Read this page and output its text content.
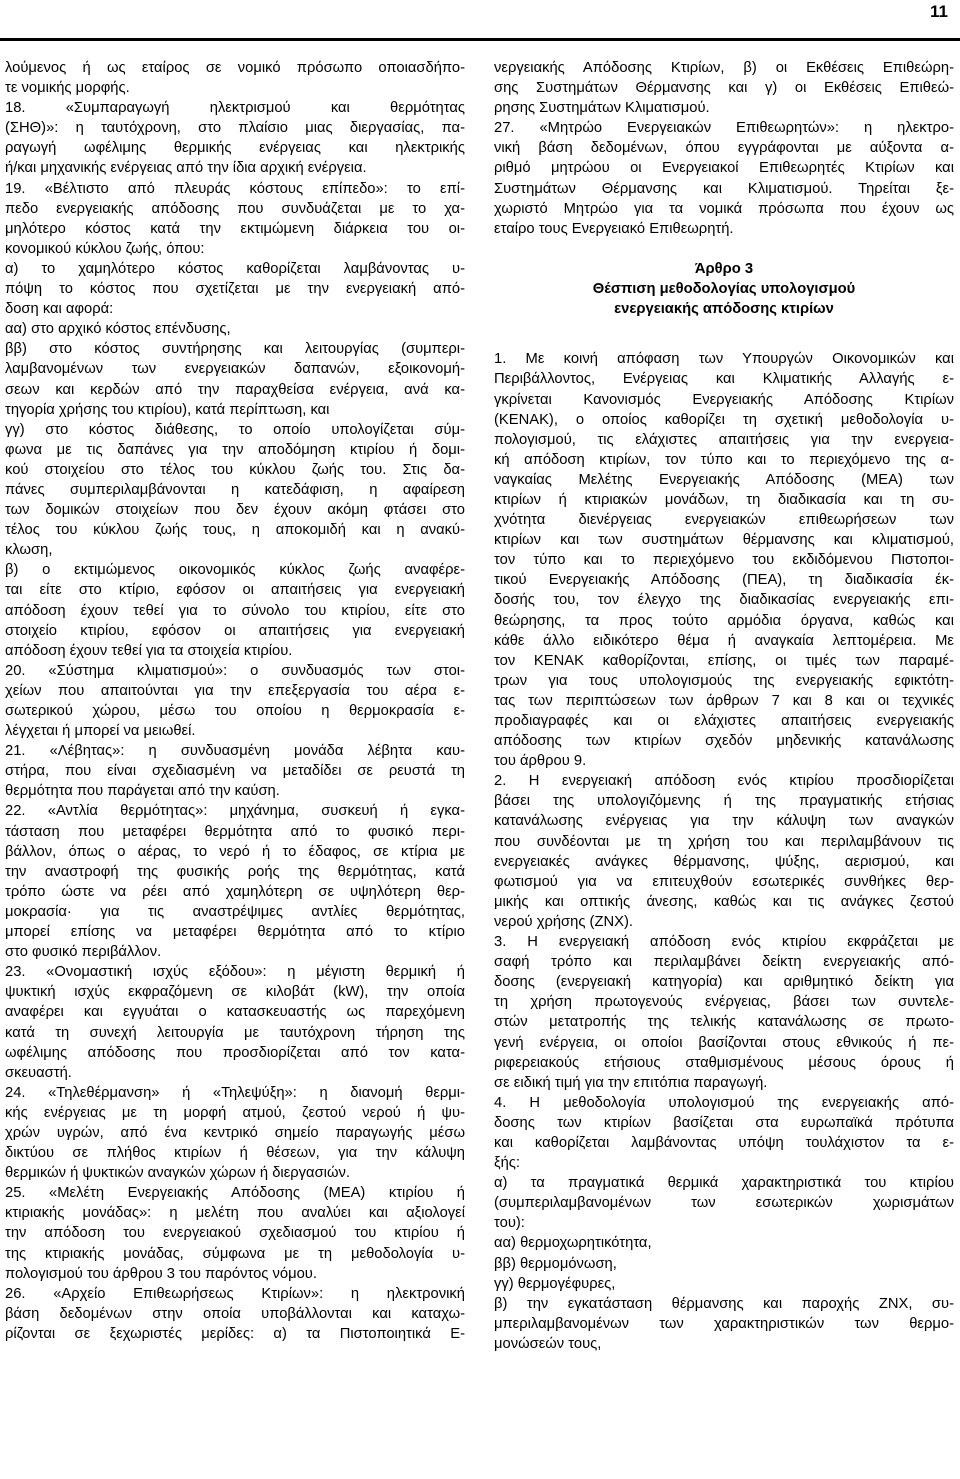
11
λούμενος ή ως εταίρος σε νομικό πρόσωπο οποιασδήπο-
τε νομικής μορφής.
18. «Συμπαραγωγή ηλεκτρισμού και θερμότητας
(ΣΗΘ)»: η ταυτόχρονη, στο πλαίσιο μιας διεργασίας, πα-
ραγωγή ωφέλιμης θερμικής ενέργειας και ηλεκτρικής
ή/και μηχανικής ενέργειας από την ίδια αρχική ενέργεια.
19. «Βέλτιστο από πλευράς κόστους επίπεδο»: το επί-
πεδο ενεργειακής απόδοσης που συνδυάζεται με το χα-
μηλότερο κόστος κατά την εκτιμώμενη διάρκεια του οι-
κονομικού κύκλου ζωής, όπου:
α) το χαμηλότερο κόστος καθορίζεται λαμβάνοντας υ-
πόψη το κόστος που σχετίζεται με την ενεργειακή από-
δοση και αφορά:
αα) στο αρχικό κόστος επένδυσης,
ββ) στο κόστος συντήρησης και λειτουργίας (συμπερι-
λαμβανομένων των ενεργειακών δαπανών, εξοικονομή-
σεων και κερδών από την παραχθείσα ενέργεια, ανά κα-
τηγορία χρήσης του κτιρίου), κατά περίπτωση, και
γγ) στο κόστος διάθεσης, το οποίο υπολογίζεται σύμ-
φωνα με τις δαπάνες για την αποδόμηση κτιρίου ή δομι-
κού στοιχείου στο τέλος του κύκλου ζωής του. Στις δα-
πάνες συμπεριλαμβάνονται η κατεδάφιση, η αφαίρεση
των δομικών στοιχείων που δεν έχουν ακόμη φτάσει στο
τέλος του κύκλου ζωής τους, η αποκομιδή και η ανακύ-
κλωση,
β) ο εκτιμώμενος οικονομικός κύκλος ζωής αναφέρε-
ται είτε στο κτίριο, εφόσον οι απαιτήσεις για ενεργειακή
απόδοση έχουν τεθεί για το σύνολο του κτιρίου, είτε στο
στοιχείο κτιρίου, εφόσον οι απαιτήσεις για ενεργειακή
απόδοση έχουν τεθεί για τα στοιχεία κτιρίου.
20. «Σύστημα κλιματισμού»: ο συνδυασμός των στοι-
χείων που απαιτούνται για την επεξεργασία του αέρα ε-
σωτερικού χώρου, μέσω του οποίου η θερμοκρασία ε-
λέγχεται ή μπορεί να μειωθεί.
21. «Λέβητας»: η συνδυασμένη μονάδα λέβητα καυ-
στήρα, που είναι σχεδιασμένη να μεταδίδει σε ρευστά τη
θερμότητα που παράγεται από την καύση.
22. «Αντλία θερμότητας»: μηχάνημα, συσκευή ή εγκα-
τάσταση που μεταφέρει θερμότητα από το φυσικό περι-
βάλλον, όπως ο αέρας, το νερό ή το έδαφος, σε κτίρια με
την αναστροφή της φυσικής ροής της θερμότητας, κατά
τρόπο ώστε να ρέει από χαμηλότερη σε υψηλότερη θερ-
μοκρασία· για τις αναστρέψιμες αντλίες θερμότητας,
μπορεί επίσης να μεταφέρει θερμότητα από το κτίριο
στο φυσικό περιβάλλον.
23. «Ονομαστική ισχύς εξόδου»: η μέγιστη θερμική ή
ψυκτική ισχύς εκφραζόμενη σε κιλοβάτ (kW), την οποία
αναφέρει και εγγυάται ο κατασκευαστής ως παρεχόμενη
κατά τη συνεχή λειτουργία με ταυτόχρονη τήρηση της
ωφέλιμης απόδοσης που προσδιορίζεται από τον κατα-
σκευαστή.
24. «Τηλεθέρμανση» ή «Τηλεψύξη»: η διανομή θερμι-
κής ενέργειας με τη μορφή ατμού, ζεστού νερού ή ψυ-
χρών υγρών, από ένα κεντρικό σημείο παραγωγής μέσω
δικτύου σε πλήθος κτιρίων ή θέσεων, για την κάλυψη
θερμικών ή ψυκτικών αναγκών χώρων ή διεργασιών.
25. «Μελέτη Ενεργειακής Απόδοσης (ΜΕΑ) κτιρίου ή
κτιριακής μονάδας»: η μελέτη που αναλύει και αξιολογεί
την απόδοση του ενεργειακού σχεδιασμού του κτιρίου ή
της κτιριακής μονάδας, σύμφωνα με τη μεθοδολογία υ-
πολογισμού του άρθρου 3 του παρόντος νόμου.
26. «Αρχείο Επιθεωρήσεως Κτιρίων»: η ηλεκτρονική
βάση δεδομένων στην οποία υποβάλλονται και καταχω-
ρίζονται σε ξεχωριστές μερίδες: α) τα Πιστοποιητικά Ε-
νεργειακής Απόδοσης Κτιρίων, β) οι Εκθέσεις Επιθεώρη-
σης Συστημάτων Θέρμανσης και γ) οι Εκθέσεις Επιθεώ-
ρησης Συστημάτων Κλιματισμού.
27. «Μητρώο Ενεργειακών Επιθεωρητών»: η ηλεκτρο-
νική βάση δεδομένων, όπου εγγράφονται με αύξοντα α-
ριθμό μητρώου οι Ενεργειακοί Επιθεωρητές Κτιρίων και
Συστημάτων Θέρμανσης και Κλιματισμού. Τηρείται ξε-
χωριστό Μητρώο για τα νομικά πρόσωπα που έχουν ως
εταίρο τους Ενεργειακό Επιθεωρητή.
Άρθρο 3
Θέσπιση μεθοδολογίας υπολογισμού
ενεργειακής απόδοσης κτιρίων
1. Με κοινή απόφαση των Υπουργών Οικονομικών και
Περιβάλλοντος, Ενέργειας και Κλιματικής Αλλαγής ε-
γκρίνεται Κανονισμός Ενεργειακής Απόδοσης Κτιρίων
(ΚΕΝΑΚ), ο οποίος καθορίζει τη σχετική μεθοδολογία υ-
πολογισμού, τις ελάχιστες απαιτήσεις για την ενεργεια-
κή απόδοση κτιρίων, τον τύπο και το περιεχόμενο της α-
ναγκαίας Μελέτης Ενεργειακής Απόδοσης (ΜΕΑ) των
κτιρίων ή κτιριακών μονάδων, τη διαδικασία και τη συ-
χνότητα διενέργειας ενεργειακών επιθεωρήσεων των
κτιρίων και των συστημάτων θέρμανσης και κλιματισμού,
τον τύπο και το περιεχόμενο του εκδιδόμενου Πιστοποι-
τικού Ενεργειακής Απόδοσης (ΠΕΑ), τη διαδικασία έκ-
δοσής του, τον έλεγχο της διαδικασίας ενεργειακής επι-
θεώρησης, τα προς τούτο αρμόδια όργανα, καθώς και
κάθε άλλο ειδικότερο θέμα ή αναγκαία λεπτομέρεια. Με
τον ΚΕΝΑΚ καθορίζονται, επίσης, οι τιμές των παραμέ-
τρων για τους υπολογισμούς της ενεργειακής εφικτότη-
τας των περιπτώσεων των άρθρων 7 και 8 και οι τεχνικές
προδιαγραφές και οι ελάχιστες απαιτήσεις ενεργειακής
απόδοσης των κτιρίων σχεδόν μηδενικής κατανάλωσης
του άρθρου 9.
2. Η ενεργειακή απόδοση ενός κτιρίου προσδιορίζεται
βάσει της υπολογιζόμενης ή της πραγματικής ετήσιας
κατανάλωσης ενέργειας για την κάλυψη των αναγκών
που συνδέονται με τη χρήση του και περιλαμβάνουν τις
ενεργειακές ανάγκες θέρμανσης, ψύξης, αερισμού, και
φωτισμού για να επιτευχθούν εσωτερικές συνθήκες θερ-
μικής και οπτικής άνεσης, καθώς και τις ανάγκες ζεστού
νερού χρήσης (ΖΝΧ).
3. Η ενεργειακή απόδοση ενός κτιρίου εκφράζεται με
σαφή τρόπο και περιλαμβάνει δείκτη ενεργειακής από-
δοσης (ενεργειακή κατηγορία) και αριθμητικό δείκτη για
τη χρήση πρωτογενούς ενέργειας, βάσει των συντελε-
στών μετατροπής της τελικής κατανάλωσης σε πρωτο-
γενή ενέργεια, οι οποίοι βασίζονται στους εθνικούς ή πε-
ριφερειακούς ετήσιους σταθμισμένους μέσους όρους ή
σε ειδική τιμή για την επιτόπια παραγωγή.
4. Η μεθοδολογία υπολογισμού της ενεργειακής από-
δοσης των κτιρίων βασίζεται στα ευρωπαϊκά πρότυπα
και καθορίζεται λαμβάνοντας υπόψη τουλάχιστον τα ε-
ξής:
α) τα πραγματικά θερμικά χαρακτηριστικά του κτιρίου
(συμπεριλαμβανομένων των εσωτερικών χωρισμάτων
του):
αα) θερμοχωρητικότητα,
ββ) θερμομόνωση,
γγ) θερμογέφυρες,
β) την εγκατάσταση θέρμανσης και παροχής ΖΝΧ, συ-
μπεριλαμβανομένων των χαρακτηριστικών των θερμο-
μονώσεών τους,
